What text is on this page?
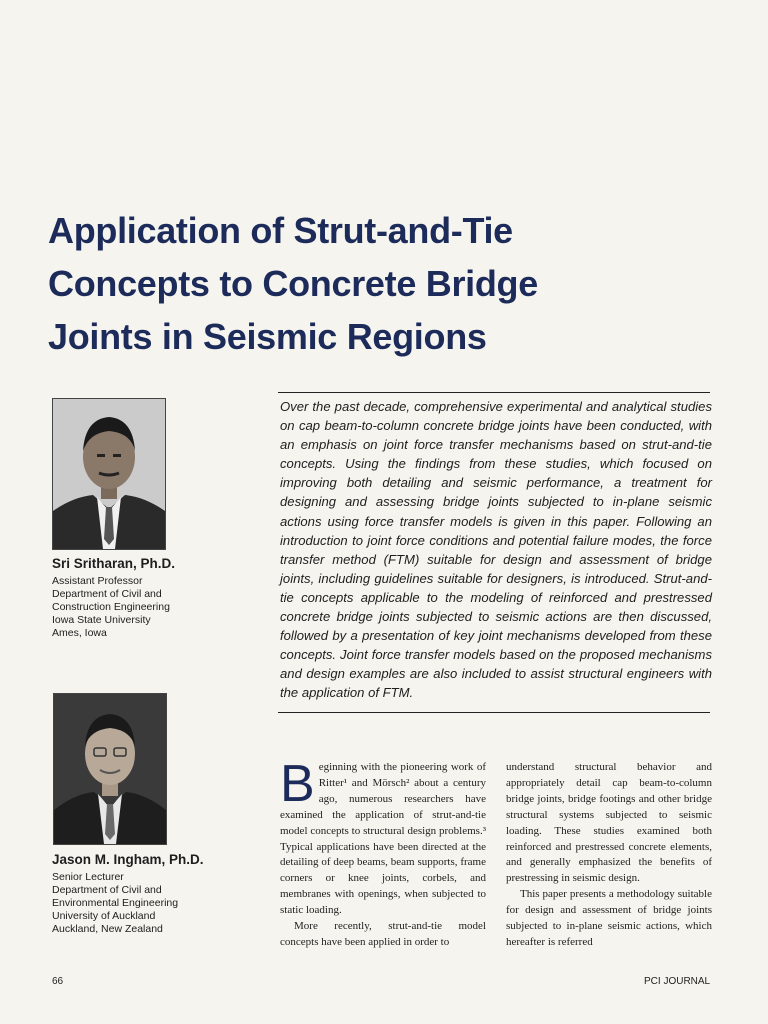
Application of Strut-and-Tie
Concepts to Concrete Bridge
Joints in Seismic Regions

Over the past decade, comprehensive experimental and analytical studies on cap beam-to-column concrete bridge joints have been conducted, with an emphasis on joint force transfer mechanisms based on strut-and-tie concepts. Using the findings from these studies, which focused on improving both detailing and seismic performance, a treatment for designing and assessing bridge joints subjected to in-plane seismic actions using force transfer models is given in this paper. Following an introduction to joint force conditions and potential failure modes, the force transfer method (FTM) suitable for design and assessment of bridge joints, including guidelines suitable for designers, is introduced. Strut-and-tie concepts applicable to the modeling of reinforced and prestressed concrete bridge joints subjected to seismic actions are then discussed, followed by a presentation of key joint mechanisms developed from these concepts. Joint force transfer models based on the proposed mechanisms and design examples are also included to assist structural engineers with the application of FTM.

Sri Sritharan, Ph.D.
Assistant Professor
Department of Civil and
Construction Engineering
Iowa State University
Ames, Iowa
Jason M. Ingham, Ph.D.
Senior Lecturer
Department of Civil and
Environmental Engineering
University of Auckland
Auckland, New Zealand

Beginning with the pioneering work of Ritter¹ and Mörsch² about a century ago, numerous researchers have examined the application of strut-and-tie model concepts to structural design problems.³ Typical applications have been directed at the detailing of deep beams, beam supports, frame corners or knee joints, corbels, and membranes with openings, when subjected to static loading.

More recently, strut-and-tie model concepts have been applied in order to

understand structural behavior and appropriately detail cap beam-to-column bridge joints, bridge footings and other bridge structural systems subjected to seismic loading. These studies examined both reinforced and prestressed concrete elements, and generally emphasized the benefits of prestressing in seismic design.

This paper presents a methodology suitable for design and assessment of bridge joints subjected to in-plane seismic actions, which hereafter is referred

66	PCI JOURNAL
